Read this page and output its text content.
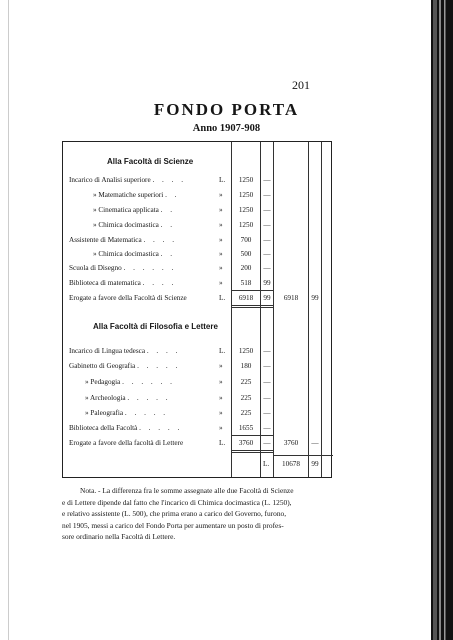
201
FONDO PORTA
Anno 1907-908
Alla Facoltà di Scienze
Incarico di Analisi superiore . . . .	L.	1250	—
» Matematiche superiori . .	»	1250	—
» Cinematica applicata . .	»	1250	—
» Chimica docimastica . .	»	1250	—
Assistente di Matematica . . . .	»	700	—
» Chimica docimastica . .	»	500	—
Scuola di Disegno . . . . . .	»	200	—
Biblioteca di matematica . . . .	»	518	99
Erogate a favore della Facoltà di Scienze	L.	6918	99	6918	99
Alla Facoltà di Filosofia e Lettere
Incarico di Lingua tedesca . . . .	L.	1250	—
Gabinetto di Geografia . . . . .	»	180	—
» Pedagogia . . . . . .	»	225	—
» Archeologia . . . . .	»	225	—
» Paleografia . . . . .	»	225	—
Biblioteca della Facoltà . . . . .	»	1655	—
Erogate a favore della facoltà di Lettere	L.	3760	—	3760	—
L.	10678	99
Nota. - La differenza fra le somme assegnate alle due Facoltà di Scienze
e di Lettere dipende dal fatto che l'incarico di Chimica docimastica (L. 1250),
e relativo assistente (L. 500), che prima erano a carico del Governo, furono,
nel 1905, messi a carico del Fondo Porta per aumentare un posto di profes-
sore ordinario nella Facoltà di Lettere.
